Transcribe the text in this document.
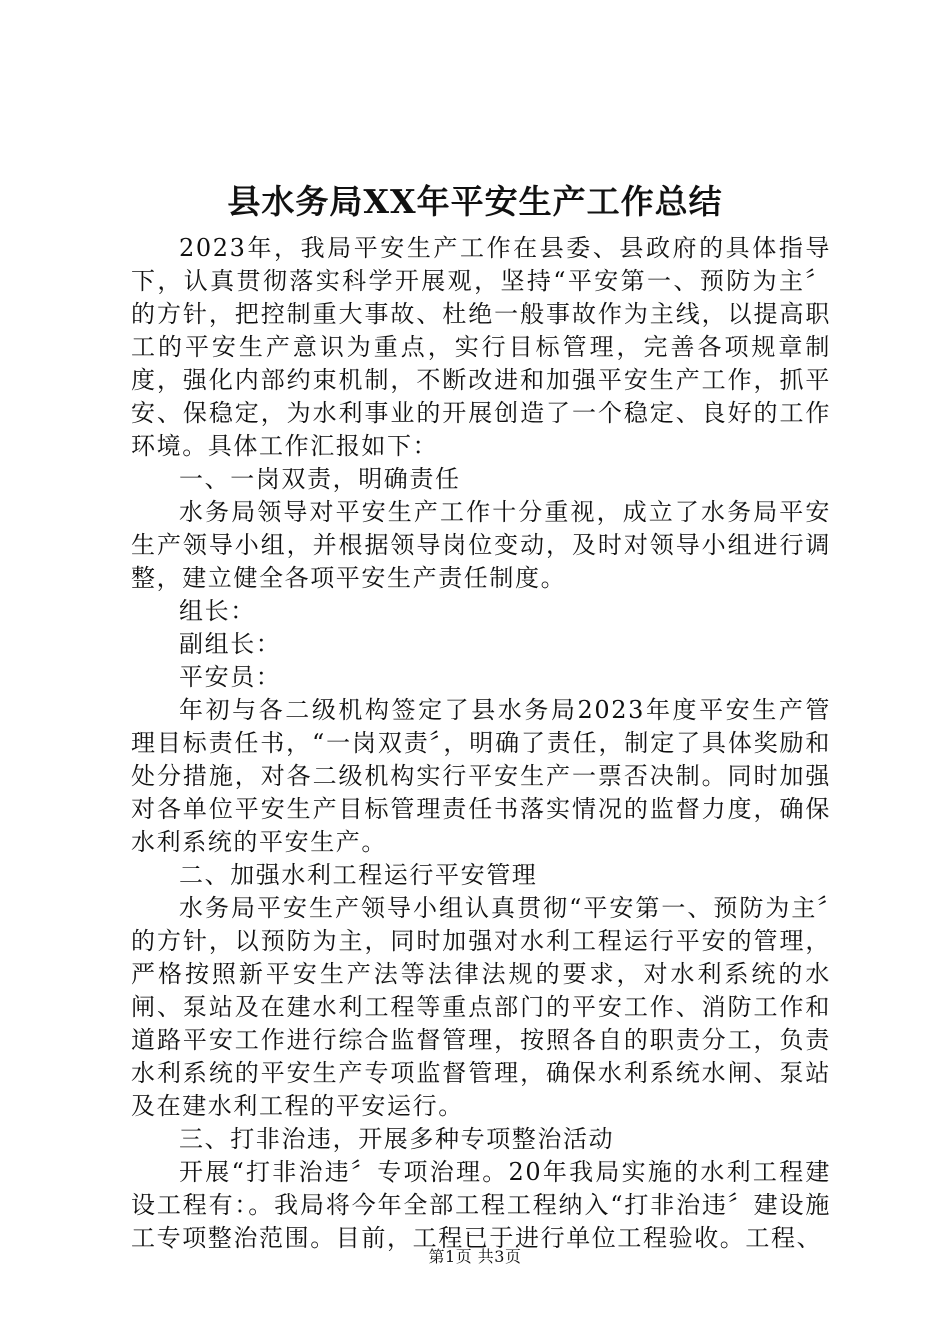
县水务局XX年平安生产工作总结

2023年，我局平安生产工作在县委、县政府的具体指导下，认真贯彻落实科学开展观，坚持“平安第一、预防为主〞的方针，把控制重大事故、杜绝一般事故作为主线，以提高职工的平安生产意识为重点，实行目标管理，完善各项规章制度，强化内部约束机制，不断改进和加强平安生产工作，抓平安、保稳定，为水利事业的开展创造了一个稳定、良好的工作环境。具体工作汇报如下：

一、一岗双责，明确责任

水务局领导对平安生产工作十分重视，成立了水务局平安生产领导小组，并根据领导岗位变动，及时对领导小组进行调整，建立健全各项平安生产责任制度。

组长：

副组长：

平安员：

年初与各二级机构签定了县水务局2023年度平安生产管理目标责任书，“一岗双责〞，明确了责任，制定了具体奖励和处分措施，对各二级机构实行平安生产一票否决制。同时加强对各单位平安生产目标管理责任书落实情况的监督力度，确保水利系统的平安生产。

二、加强水利工程运行平安管理

水务局平安生产领导小组认真贯彻“平安第一、预防为主〞的方针，以预防为主，同时加强对水利工程运行平安的管理，严格按照新平安生产法等法律法规的要求，对水利系统的水闸、泵站及在建水利工程等重点部门的平安工作、消防工作和道路平安工作进行综合监督管理，按照各自的职责分工，负责水利系统的平安生产专项监督管理，确保水利系统水闸、泵站及在建水利工程的平安运行。

三、打非治违，开展多种专项整治活动

开展“打非治违〞专项治理。20年我局实施的水利工程建设工程有：。我局将今年全部工程工程纳入“打非治违〞建设施工专项整治范围。目前，工程已于进行单位工程验收。工程、

第1页 共3页
